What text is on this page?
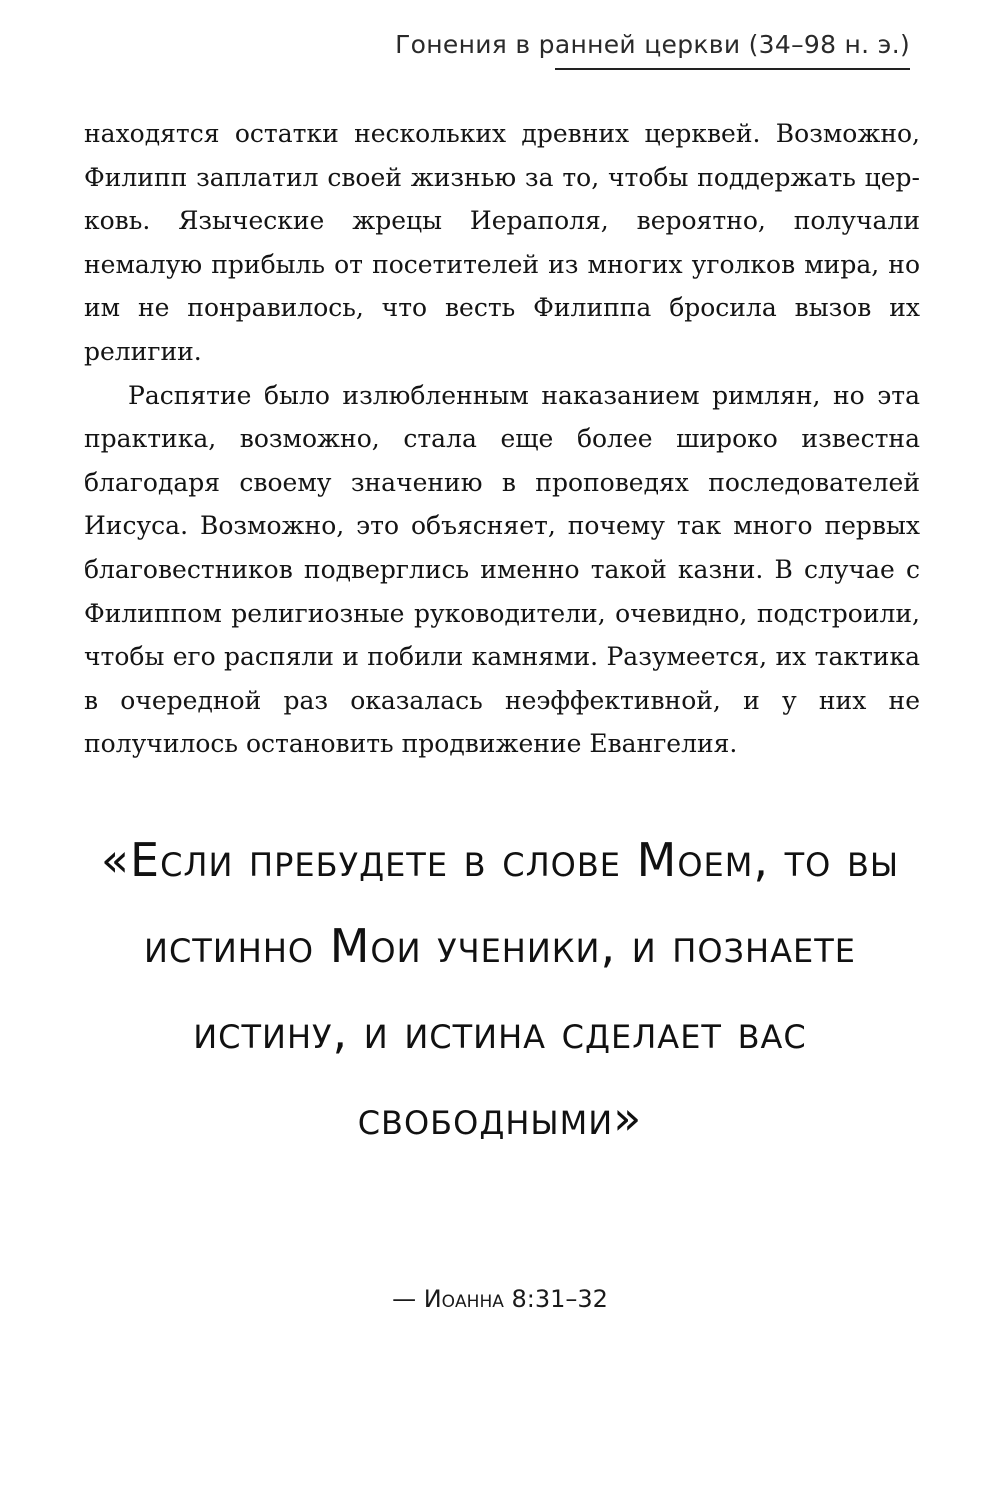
Гонения в ранней церкви (34–98 н. э.)

находятся остатки нескольких древних церквей. Возможно, Филипп заплатил своей жизнью за то, чтобы поддержать церковь. Языческие жрецы Иераполя, вероятно, получали немалую прибыль от посетителей из многих уголков мира, но им не понравилось, что весть Филиппа бросила вызов их религии.

Распятие было излюбленным наказанием римлян, но эта практика, возможно, стала еще более широко известна благодаря своему значению в проповедях последователей Иисуса. Возможно, это объясняет, почему так много первых благовестников подверглись именно такой казни. В случае с Филиппом религиозные руководители, очевидно, подстроили, чтобы его распяли и побили камнями. Разумеется, их тактика в очередной раз оказалась неэффективной, и у них не получилось остановить продвижение Евангелия.

«Если пребудете в слове Моем, то вы истинно Мои ученики, и познаете истину, и истина сделает вас свободными»
— Иоанна 8:31–32
